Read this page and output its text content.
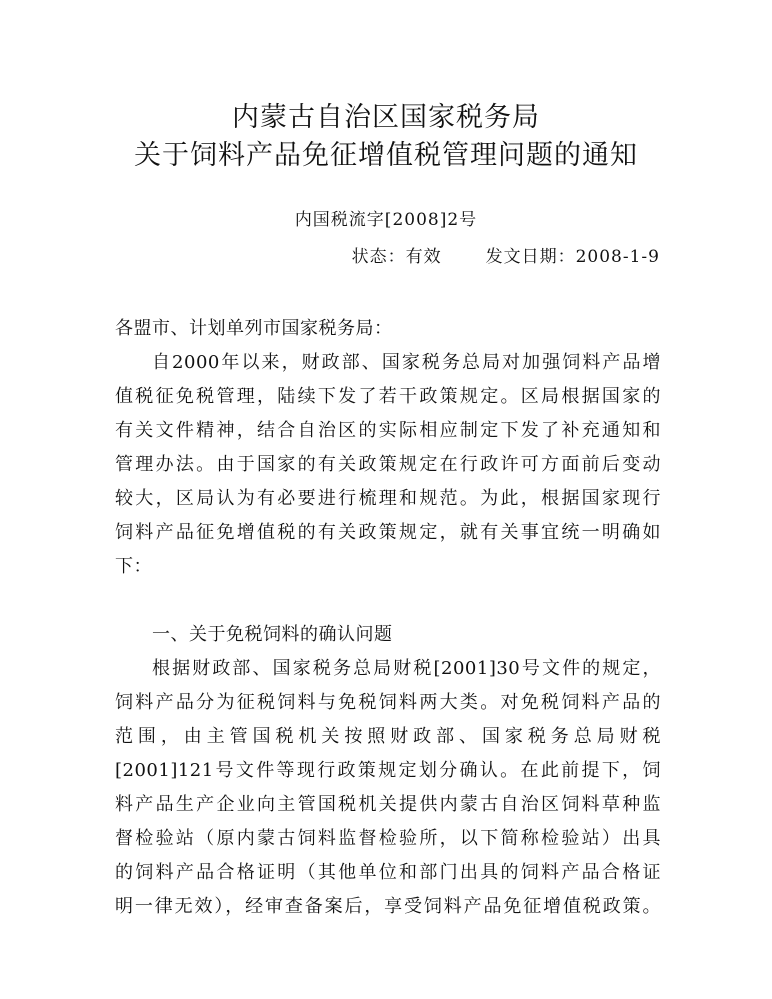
内蒙古自治区国家税务局
关于饲料产品免征增值税管理问题的通知
内国税流字[2008]2号
状态：有效	发文日期：2008-1-9
各盟市、计划单列市国家税务局：
自2000年以来，财政部、国家税务总局对加强饲料产品增
值税征免税管理，陆续下发了若干政策规定。区局根据国家的
有关文件精神，结合自治区的实际相应制定下发了补充通知和
管理办法。由于国家的有关政策规定在行政许可方面前后变动
较大，区局认为有必要进行梳理和规范。为此，根据国家现行
饲料产品征免增值税的有关政策规定，就有关事宜统一明确如
下：
一、关于免税饲料的确认问题
根据财政部、国家税务总局财税[2001]30号文件的规定，
饲料产品分为征税饲料与免税饲料两大类。对免税饲料产品的
范围，由主管国税机关按照财政部、国家税务总局财税
[2001]121号文件等现行政策规定划分确认。在此前提下，饲
料产品生产企业向主管国税机关提供内蒙古自治区饲料草种监
督检验站（原内蒙古饲料监督检验所，以下简称检验站）出具
的饲料产品合格证明（其他单位和部门出具的饲料产品合格证
明一律无效），经审查备案后，享受饲料产品免征增值税政策。
